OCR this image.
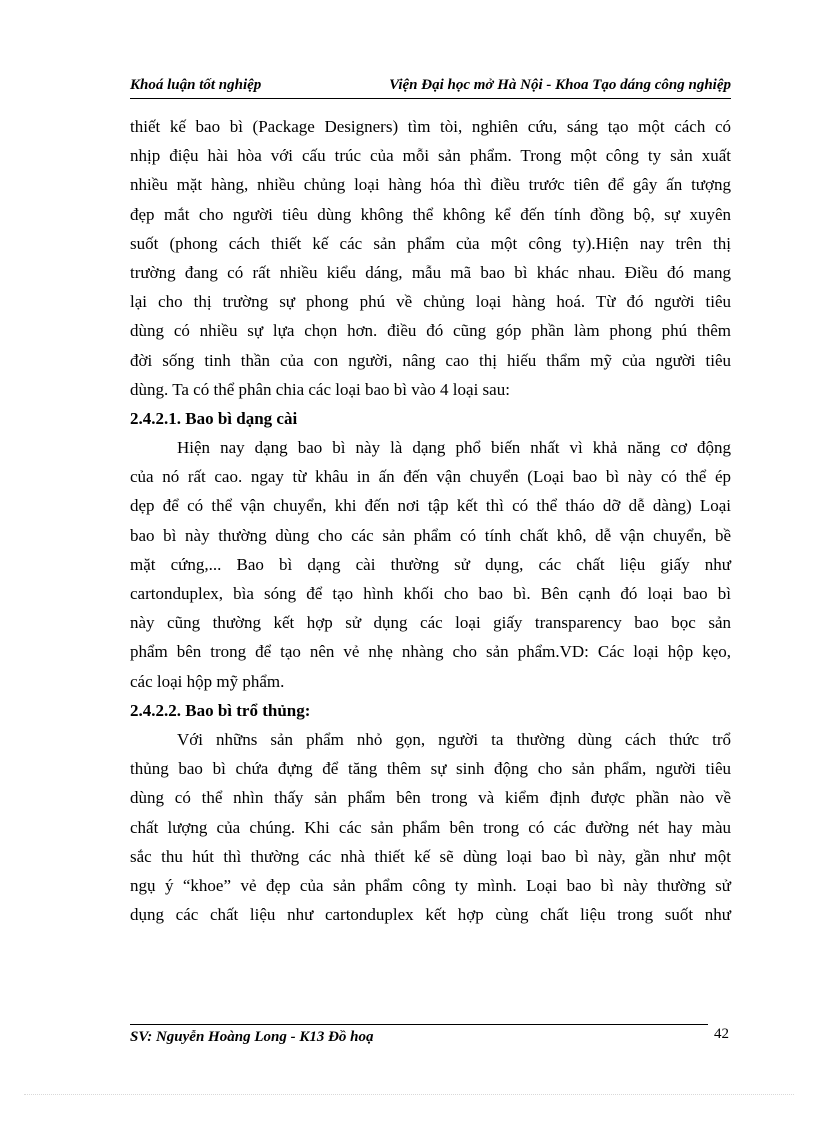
Khoá luận tốt nghiệp	Viện Đại học mở Hà Nội - Khoa Tạo dáng công nghiệp
thiết kế bao bì (Package Designers) tìm tòi, nghiên cứu, sáng tạo một cách có
nhịp điệu hài hòa với cấu trúc của mỗi sản phẩm. Trong một công ty sản xuất
nhiều mặt hàng, nhiều chủng loại hàng hóa thì điều trước tiên để gây ấn tượng
đẹp mắt cho người tiêu dùng không thể không kể đến tính đồng bộ, sự xuyên
suốt (phong cách thiết kế các sản phẩm của một công ty).Hiện nay trên thị
trường đang có rất nhiều kiểu dáng, mẫu mã bao bì khác nhau. Điều đó mang
lại cho thị trường sự phong phú về chủng loại hàng hoá. Từ đó người tiêu
dùng có nhiều sự lựa chọn hơn. điều đó cũng góp phần làm phong phú thêm
đời sống tinh thần của con người, nâng cao thị hiếu thẩm mỹ của người tiêu
dùng. Ta có thể phân chia các loại bao bì vào 4 loại sau:
2.4.2.1. Bao bì dạng cài
Hiện nay dạng bao bì này là dạng phổ biến nhất vì khả năng cơ động
của nó rất cao. ngay từ khâu in ấn đến vận chuyển (Loại bao bì này có thể ép
dẹp để có thể vận chuyển, khi đến nơi tập kết thì có thể tháo dỡ dễ dàng) Loại
bao bì này thường dùng cho các sản phẩm có tính chất khô, dễ vận chuyển, bề
mặt cứng,... Bao bì dạng cài thường sử dụng, các chất liệu giấy như
cartonduplex, bìa sóng để tạo hình khối cho bao bì. Bên cạnh đó loại bao bì
này cũng thường kết hợp sử dụng các loại giấy transparency bao bọc sản
phẩm bên trong để tạo nên vẻ nhẹ nhàng cho sản phẩm.VD: Các loại hộp kẹo,
các loại hộp mỹ phẩm.
2.4.2.2. Bao bì trổ thủng:
Với nhữns sản phẩm nhỏ gọn, người ta thường dùng cách thức trổ
thủng bao bì chứa đựng để tăng thêm sự sinh động cho sản phẩm, người tiêu
dùng có thể nhìn thấy sản phẩm bên trong và kiểm định được phần nào về
chất lượng của chúng. Khi các sản phẩm bên trong có các đường nét hay màu
sắc thu hút thì thường các nhà thiết kế sẽ dùng loại bao bì này, gần như một
ngụ ý “khoe” vẻ đẹp của sản phẩm công ty mình. Loại bao bì này thường sử
dụng các chất liệu như cartonduplex kết hợp cùng chất liệu trong suốt như
SV: Nguyễn Hoàng Long - K13 Đồ hoạ	42
